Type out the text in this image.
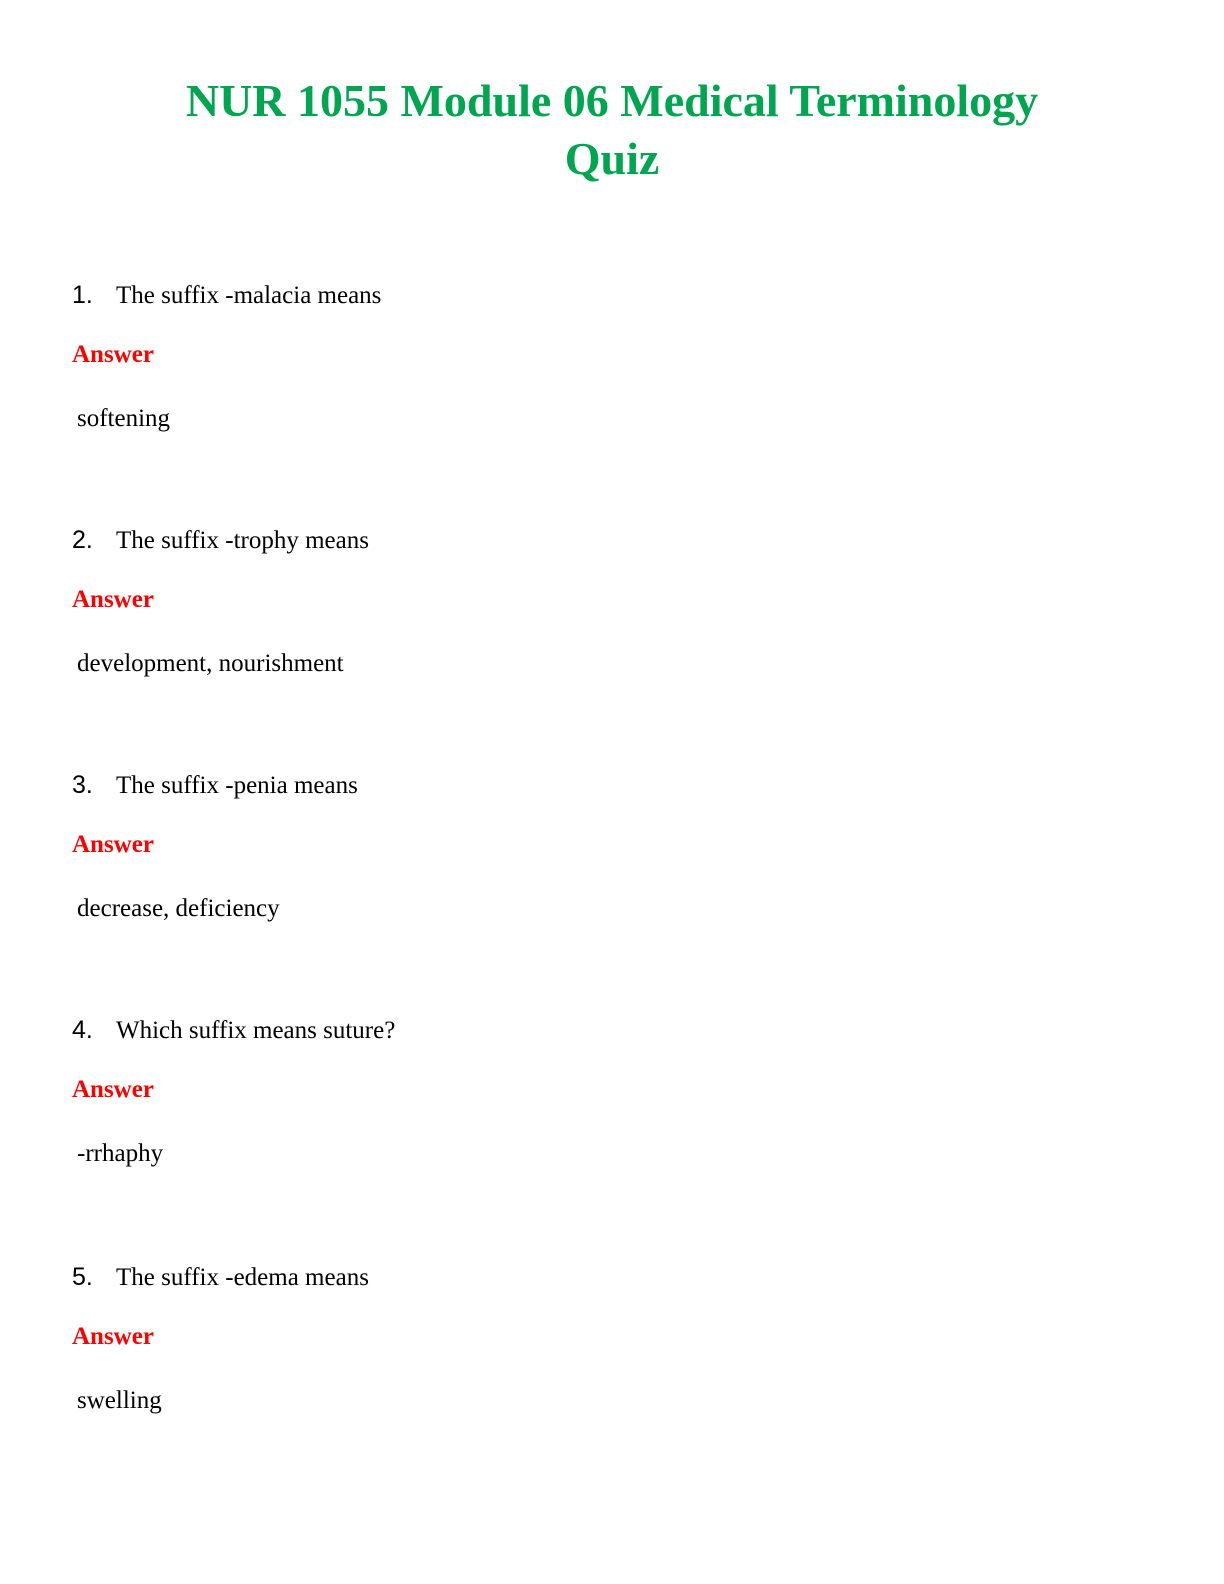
NUR 1055 Module 06 Medical Terminology
Quiz
1. The suffix -malacia means
Answer
softening
2. The suffix -trophy means
Answer
development, nourishment
3. The suffix -penia means
Answer
decrease, deficiency
4. Which suffix means suture?
Answer
-rrhaphy
5. The suffix -edema means
Answer
swelling
